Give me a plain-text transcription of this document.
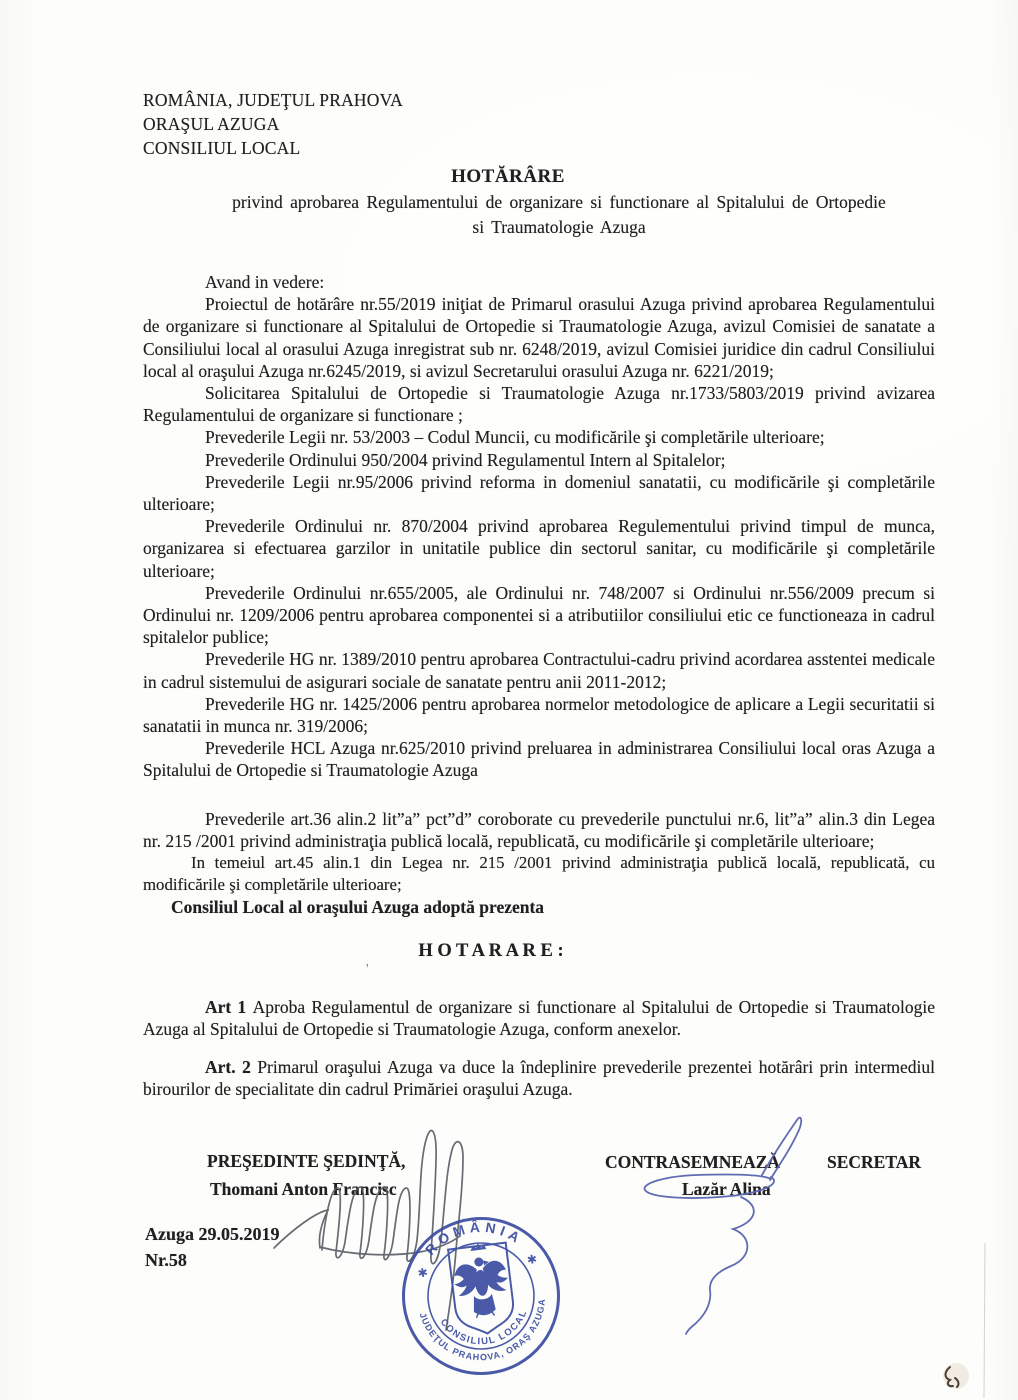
ROMÂNIA, JUDEŢUL PRAHOVA
ORAŞUL AZUGA
CONSILIUL LOCAL
HOTĂRÂRE
privind aprobarea Regulamentului de organizare si functionare al Spitalului de Ortopedie
si Traumatologie Azuga

Avand in vedere:

Proiectul de hotărâre nr.55/2019 iniţiat de Primarul orasului Azuga privind aprobarea Regulamentului de organizare si functionare al Spitalului de Ortopedie si Traumatologie Azuga, avizul Comisiei de sanatate a Consiliului local al orasului Azuga inregistrat sub nr. 6248/2019, avizul Comisiei juridice din cadrul Consiliului local al oraşului Azuga nr.6245/2019, si avizul Secretarului orasului Azuga nr. 6221/2019;

Solicitarea Spitalului de Ortopedie si Traumatologie Azuga nr.1733/5803/2019 privind avizarea Regulamentului de organizare si functionare ;

Prevederile Legii nr. 53/2003 – Codul Muncii, cu modificările şi completările ulterioare;

Prevederile Ordinului 950/2004 privind Regulamentul Intern al Spitalelor;

Prevederile Legii nr.95/2006 privind reforma in domeniul sanatatii, cu modificările şi completările ulterioare;

Prevederile Ordinului nr. 870/2004 privind aprobarea Regulementului privind timpul de munca, organizarea si efectuarea garzilor in unitatile publice din sectorul sanitar, cu modificările şi completările ulterioare;

Prevederile Ordinului nr.655/2005, ale Ordinului nr. 748/2007 si Ordinului nr.556/2009 precum si Ordinului nr. 1209/2006 pentru aprobarea componentei si a atributiilor consiliului etic ce functioneaza in cadrul spitalelor publice;

Prevederile HG nr. 1389/2010 pentru aprobarea Contractului-cadru privind acordarea asstentei medicale in cadrul sistemului de asigurari sociale de sanatate pentru anii 2011-2012;

Prevederile HG nr. 1425/2006 pentru aprobarea normelor metodologice de aplicare a Legii securitatii si sanatatii in munca nr. 319/2006;

Prevederile HCL Azuga nr.625/2010 privind preluarea in administrarea Consiliului local oras Azuga a Spitalului de Ortopedie si Traumatologie Azuga

Prevederile art.36 alin.2 lit”a” pct”d” coroborate cu prevederile punctului nr.6, lit”a” alin.3 din Legea nr. 215 /2001 privind administraţia publică locală, republicată, cu modificările şi completările ulterioare;

In temeiul art.45 alin.1 din Legea nr. 215 /2001 privind administraţia publică locală, republicată, cu modificările şi completările ulterioare;

Consiliul Local al oraşului Azuga adoptă prezenta

H O T A R A R E :

Art 1 Aproba Regulamentul de organizare si functionare al Spitalului de Ortopedie si Traumatologie Azuga al Spitalului de Ortopedie si Traumatologie Azuga, conform anexelor.

Art. 2 Primarul oraşului Azuga va duce la îndeplinire prevederile prezentei hotărâri prin intermediul birourilor de specialitate din cadrul Primăriei oraşului Azuga.

PREŞEDINTE ŞEDINŢĂ,
Thomani Anton Francisc
CONTRASEMNEAZĂ	SECRETAR
Lazăr Alina
Azuga 29.05.2019
Nr.58
'
ROMÂNIA
✱
✱
JUDEŢUL PRAHOVA, ORAŞ AZUGA
CONSILIUL LOCAL
